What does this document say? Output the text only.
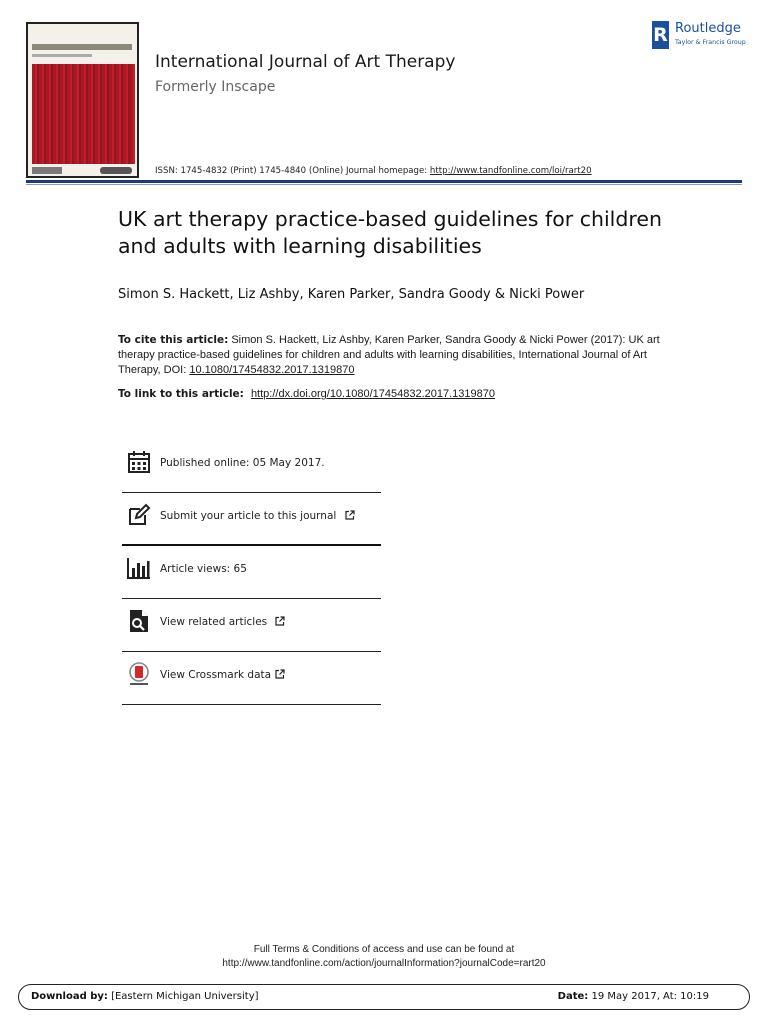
International Journal of Art Therapy
Formerly Inscape
ISSN: 1745-4832 (Print) 1745-4840 (Online) Journal homepage: http://www.tandfonline.com/loi/rart20
R Routledge
Taylor & Francis Group
UK art therapy practice-based guidelines for children and adults with learning disabilities
Simon S. Hackett, Liz Ashby, Karen Parker, Sandra Goody & Nicki Power
To cite this article: Simon S. Hackett, Liz Ashby, Karen Parker, Sandra Goody & Nicki Power (2017): UK art therapy practice-based guidelines for children and adults with learning disabilities, International Journal of Art Therapy, DOI: 10.1080/17454832.2017.1319870
To link to this article: http://dx.doi.org/10.1080/17454832.2017.1319870
Published online: 05 May 2017.
Submit your article to this journal
Article views: 65
View related articles
View Crossmark data
Full Terms & Conditions of access and use can be found at
http://www.tandfonline.com/action/journalInformation?journalCode=rart20
Download by: [Eastern Michigan University]	Date: 19 May 2017, At: 10:19
